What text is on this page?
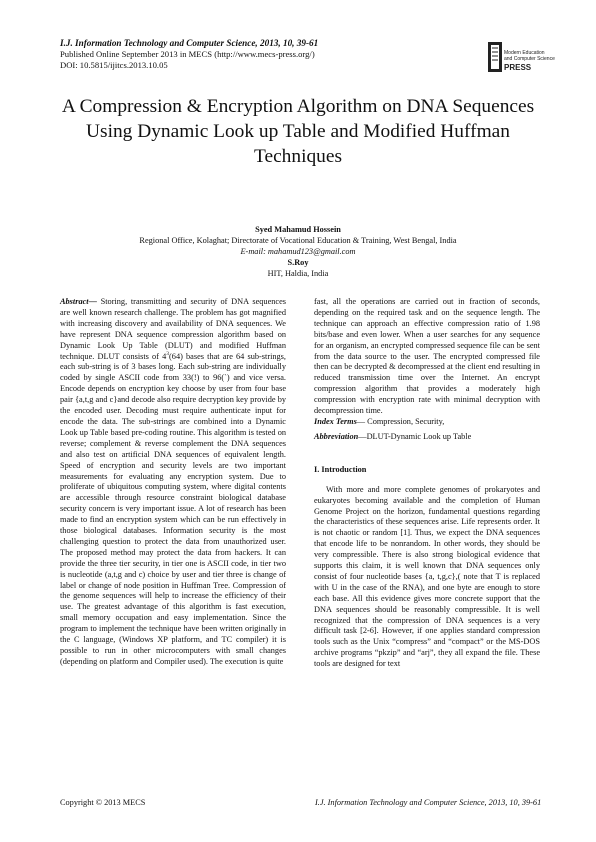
I.J. Information Technology and Computer Science, 2013, 10, 39-61
Published Online September 2013 in MECS (http://www.mecs-press.org/)
DOI: 10.5815/ijitcs.2013.10.05
Modern Education
and Computer Science
PRESS
A Compression & Encryption Algorithm on DNA Sequences Using Dynamic Look up Table and Modified Huffman Techniques
Syed Mahamud Hossein
Regional Office, Kolaghat; Directorate of Vocational Education & Training, West Bengal, India
E-mail: mahamud123@gmail.com
S.Roy
HIT, Haldia, India

Abstract— Storing, transmitting and security of DNA sequences are well known research challenge. The problem has got magnified with increasing discovery and availability of DNA sequences. We have represent DNA sequence compression algorithm based on Dynamic Look Up Table (DLUT) and modified Huffman technique. DLUT consists of $4^3(64)$ bases that are 64 sub-strings, each sub-string is of 3 bases long. Each sub-string are individually coded by single ASCII code from 33(!) to 96(`) and vice versa. Encode depends on encryption key choose by user from four base pair {a,t,g and c}and decode also require decryption key provide by the encoded user. Decoding must require authenticate input for encode the data. The sub-strings are combined into a Dynamic Look up Table based pre-coding routine. This algorithm is tested on reverse; complement & reverse complement the DNA sequences and also test on artificial DNA sequences of equivalent length. Speed of encryption and security levels are two important measurements for evaluating any encryption system. Due to proliferate of ubiquitous computing system, where digital contents are accessible through resource constraint biological database security concern is very important issue. A lot of research has been made to find an encryption system which can be run effectively in those biological databases. Information security is the most challenging question to protect the data from unauthorized user. The proposed method may protect the data from hackers. It can provide the three tier security, in tier one is ASCII code, in tier two is nucleotide (a,t,g and c) choice by user and tier three is change of label or change of node position in Huffman Tree. Compression of the genome sequences will help to increase the efficiency of their use. The greatest advantage of this algorithm is fast execution, small memory occupation and easy implementation. Since the program to implement the technique have been written originally in the C language, (Windows XP platform, and TC compiler) it is possible to run in other microcomputers with small changes (depending on platform and Compiler used). The execution is quite

fast, all the operations are carried out in fraction of seconds, depending on the required task and on the sequence length. The technique can approach an effective compression ratio of 1.98 bits/base and even lower. When a user searches for any sequence for an organism, an encrypted compressed sequence file can be sent from the data source to the user. The encrypted compressed file then can be decrypted & decompressed at the client end resulting in reduced transmission time over the Internet. An encrypt compression algorithm that provides a moderately high compression with encryption rate with minimal decryption with decompression time.

Index Terms— Compression, Security,

Abbreviation—DLUT-Dynamic Look up Table

I. Introduction

With more and more complete genomes of prokaryotes and eukaryotes becoming available and the completion of Human Genome Project on the horizon, fundamental questions regarding the characteristics of these sequences arise. Life represents order. It is not chaotic or random [1]. Thus, we expect the DNA sequences that encode life to be nonrandom. In other words, they should be very compressible. There is also strong biological evidence that supports this claim, it is well known that DNA sequences only consist of four nucleotide bases {a, t,g,c},( note that T is replaced with U in the case of the RNA), and one byte are enough to store each base. All this evidence gives more concrete support that the DNA sequences should be reasonably compressible. It is well recognized that the compression of DNA sequences is a very difficult task [2-6]. However, if one applies standard compression tools such as the Unix “compress” and “compact” or the MS-DOS archive programs “pkzip” and “arj”, they all expand the file. These tools are designed for text

Copyright © 2013 MECS	I.J. Information Technology and Computer Science, 2013, 10, 39-61
